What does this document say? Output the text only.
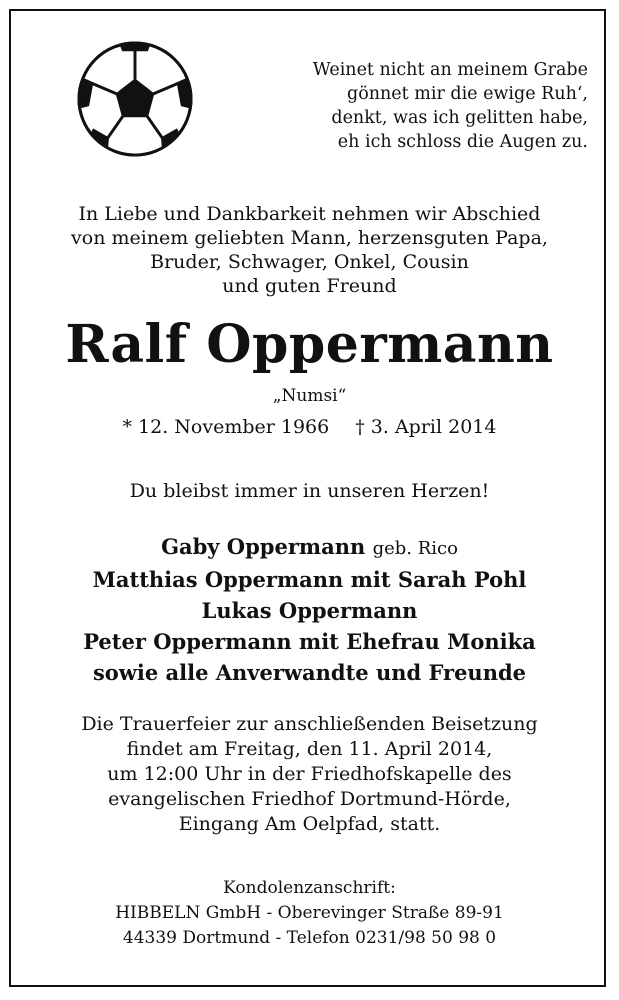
Weinet nicht an meinem Grabe
gönnet mir die ewige Ruh‘,
denkt, was ich gelitten habe,
eh ich schloss die Augen zu.
In Liebe und Dankbarkeit nehmen wir Abschied
von meinem geliebten Mann, herzensguten Papa,
Bruder, Schwager, Onkel, Cousin
und guten Freund
Ralf Oppermann
„Numsi“
* 12. November 1966 † 3. April 2014
Du bleibst immer in unseren Herzen!
Gaby Oppermann geb. Rico
Matthias Oppermann mit Sarah Pohl
Lukas Oppermann
Peter Oppermann mit Ehefrau Monika
sowie alle Anverwandte und Freunde
Die Trauerfeier zur anschließenden Beisetzung
findet am Freitag, den 11. April 2014,
um 12:00 Uhr in der Friedhofskapelle des
evangelischen Friedhof Dortmund-Hörde,
Eingang Am Oelpfad, statt.
Kondolenzanschrift:
HIBBELN GmbH - Oberevinger Straße 89-91
44339 Dortmund - Telefon 0231/98 50 98 0
